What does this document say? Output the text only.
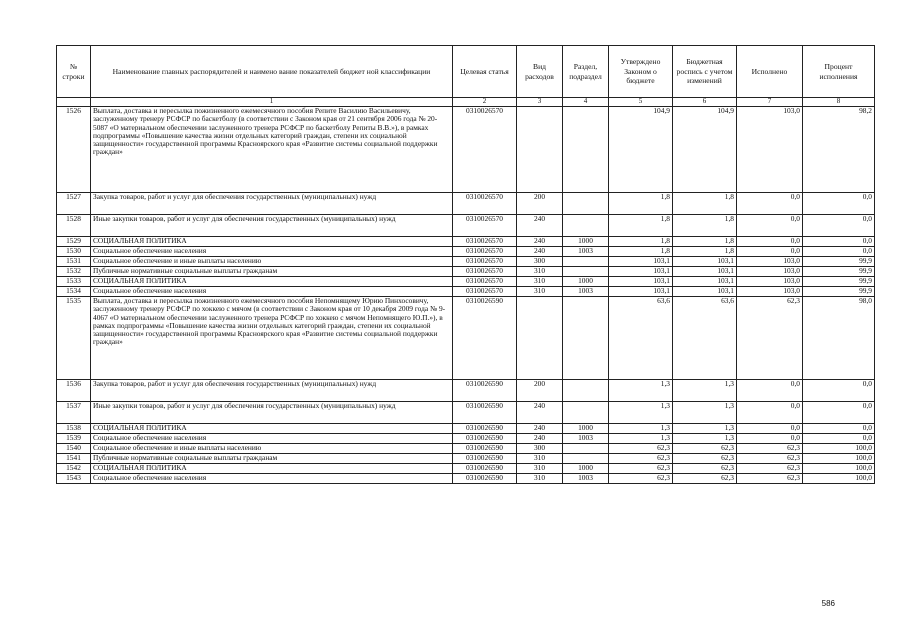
№ строки	Наименование главных распорядителей и наимено вание показателей бюджет ной классификации	Целевая статья	Вид расходов	Раздел, подраздел	Утверждено Законом о бюджете	Бюджетная роспись с учетом изменений	Исполнено	Процент исполнения
	1	2	3	4	5	6	7	8
1526	Выплата, доставка и пересылка пожизненного ежемесячного пособия Репите Василию Васильевичу, заслуженному тренеру РСФСР по баскетболу (в соответствии с Законом края от 21 сентября 2006 года № 20-5087 «О материальном обеспечении заслуженного тренера РСФСР по баскетболу Репиты В.В.»), в рамках подпрограммы «Повышение качества жизни отдельных категорий граждан, степени их социальной защищенности» государственной программы Красноярского края «Развитие системы социальной поддержки граждан»	0310026570			104,9	104,9	103,0	98,2
1527	Закупка товаров, работ и услуг для обеспечения государственных (муниципальных) нужд	0310026570	200		1,8	1,8	0,0	0,0
1528	Иные закупки товаров, работ и услуг для обеспечения государственных (муниципальных) нужд	0310026570	240		1,8	1,8	0,0	0,0
1529	СОЦИАЛЬНАЯ ПОЛИТИКА	0310026570	240	1000	1,8	1,8	0,0	0,0
1530	Социальное обеспечение населения	0310026570	240	1003	1,8	1,8	0,0	0,0
1531	Социальное обеспечение и иные выплаты населению	0310026570	300		103,1	103,1	103,0	99,9
1532	Публичные нормативные социальные выплаты гражданам	0310026570	310		103,1	103,1	103,0	99,9
1533	СОЦИАЛЬНАЯ ПОЛИТИКА	0310026570	310	1000	103,1	103,1	103,0	99,9
1534	Социальное обеспечение населения	0310026570	310	1003	103,1	103,1	103,0	99,9
1535	Выплата, доставка и пересылка пожизненного ежемесячного пособия Непомнящему Юрию Пинхосовичу, заслуженному тренеру РСФСР по хоккею с мячом (в соответствии с Законом края от 10 декабря 2009 года № 9-4067 «О материальном обеспечении заслуженного тренера РСФСР по хоккею с мячом Непомнящего Ю.П.»), в рамках подпрограммы «Повышение качества жизни отдельных категорий граждан, степени их социальной защищенности» государственной программы Красноярского края «Развитие системы социальной поддержки граждан»	0310026590			63,6	63,6	62,3	98,0
1536	Закупка товаров, работ и услуг для обеспечения государственных (муниципальных) нужд	0310026590	200		1,3	1,3	0,0	0,0
1537	Иные закупки товаров, работ и услуг для обеспечения государственных (муниципальных) нужд	0310026590	240		1,3	1,3	0,0	0,0
1538	СОЦИАЛЬНАЯ ПОЛИТИКА	0310026590	240	1000	1,3	1,3	0,0	0,0
1539	Социальное обеспечение населения	0310026590	240	1003	1,3	1,3	0,0	0,0
1540	Социальное обеспечение и иные выплаты населению	0310026590	300		62,3	62,3	62,3	100,0
1541	Публичные нормативные социальные выплаты гражданам	0310026590	310		62,3	62,3	62,3	100,0
1542	СОЦИАЛЬНАЯ ПОЛИТИКА	0310026590	310	1000	62,3	62,3	62,3	100,0
1543	Социальное обеспечение населения	0310026590	310	1003	62,3	62,3	62,3	100,0
586
